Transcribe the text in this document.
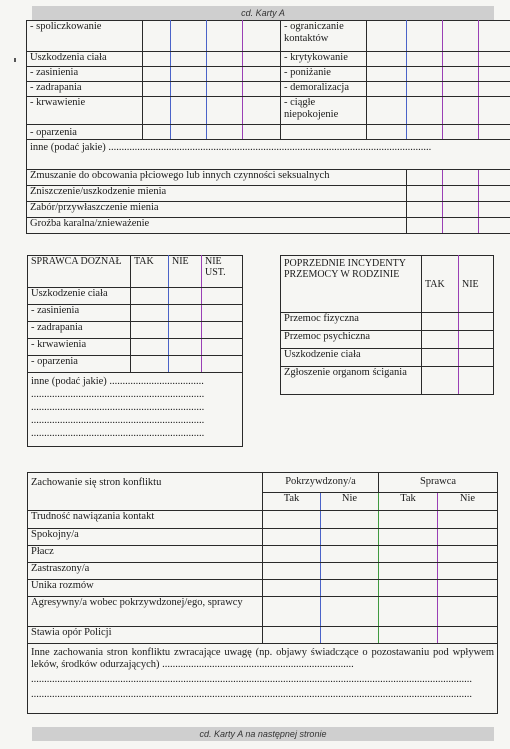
cd. Karty A
- spoliczkowanie					- ograniczanie kontaktów				
Uszkodzenia ciała					- krytykowanie				
- zasinienia					- poniżanie				
- zadrapania					- demoralizacja				
- krwawienie					- ciągłe niepokojenie				
- oparzenia									
inne (podać jakie) ...........................................................................................................................									
Zmuszanie do obcowania płciowego lub innych czynności seksualnych									
Zniszczenie/uszkodzenie mienia									
Zabór/przywłaszczenie mienia									
Groźba karalna/znieważenie									
SPRAWCA DOZNAŁ	TAK	NIE	NIE UST.
Uszkodzenie ciała			
- zasinienia			
- zadrapania			
- krwawienia			
- oparzenia			

inne (podać jakie) ....................................
..................................................................
..................................................................
..................................................................
..................................................................			
POPRZEDNIE INCYDENTY PRZEMOCY W RODZINIE	TAK	NIE
Przemoc fizyczna		
Przemoc psychiczna		
Uszkodzenie ciała		
Zgłoszenie organom ścigania		
Zachowanie się stron konfliktu	Pokrzywdzony/a		Sprawca	
	Tak	Nie	Tak	Nie
Trudność nawiązania kontakt				
Spokojny/a				
Płacz				
Zastraszony/a				
Unika rozmów				
Agresywny/a wobec pokrzywdzonej/ego, sprawcy				
Stawia opór Policji				

Inne zachowania stron konfliktu zwracające uwagę (np. objawy świadczące o pozostawaniu pod wpływem leków, środków odurzających) .........................................................................
........................................................................................................................................................................
........................................................................................................................................................................				
cd. Karty A na następnej stronie
